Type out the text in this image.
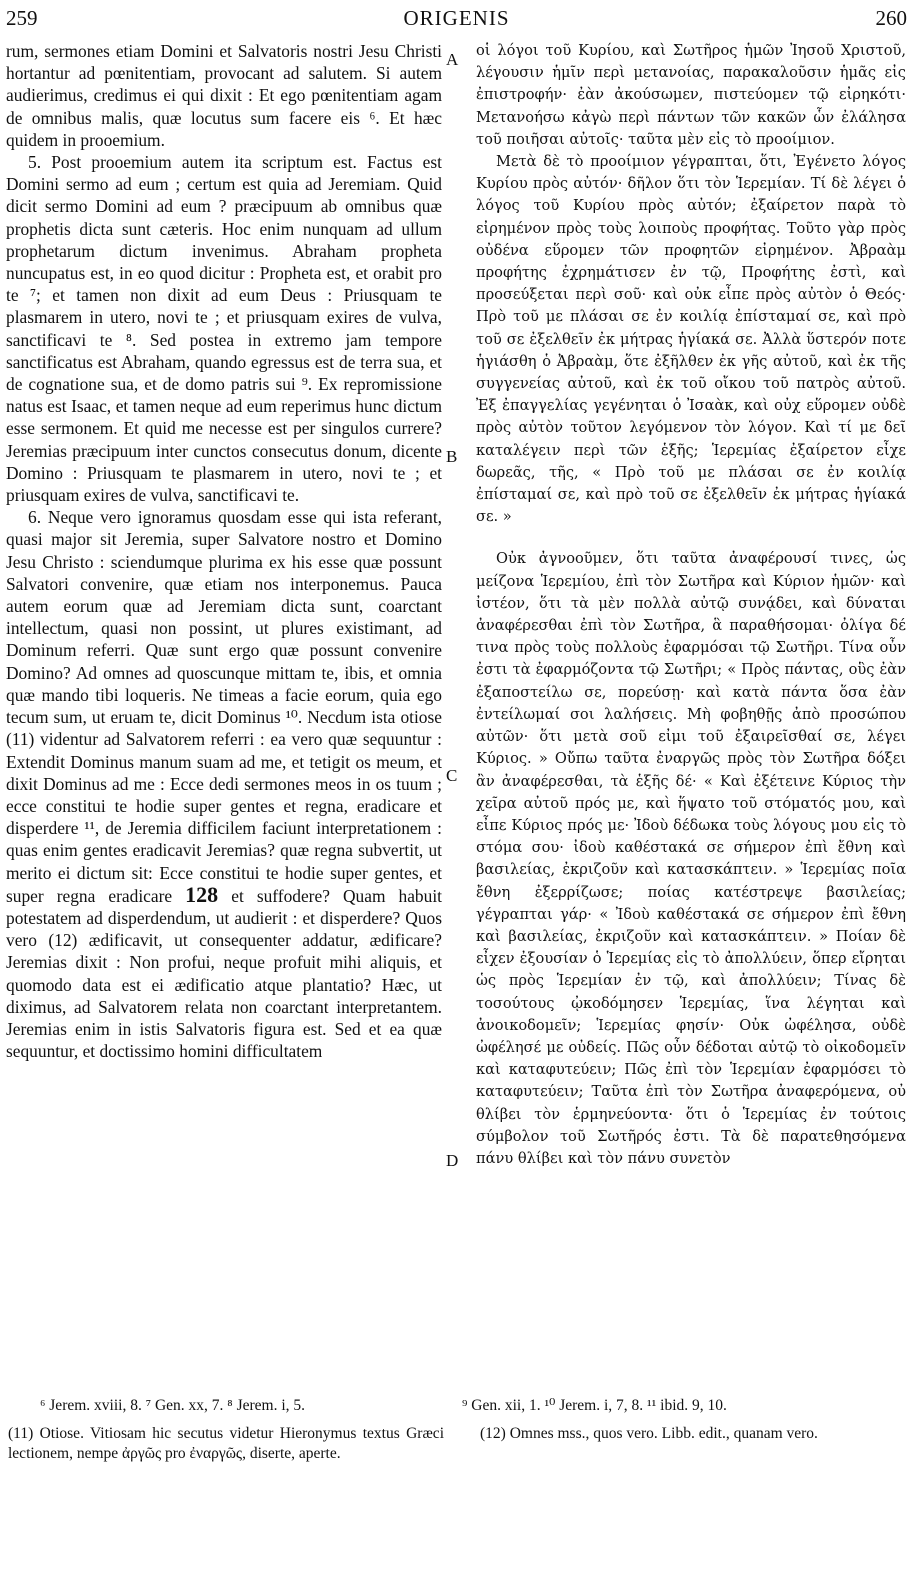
259	ORIGENIS	260

rum, sermones etiam Domini et Salvatoris nostri Jesu Christi hortantur ad pœnitentiam, provocant ad salutem. Si autem audierimus, credimus ei qui dixit : Et ego pœnitentiam agam de omnibus malis, quæ locutus sum facere eis ⁶. Et hæc quidem in prooemium.

5. Post prooemium autem ita scriptum est. Factus est Domini sermo ad eum ; certum est quia ad Jeremiam. Quid dicit sermo Domini ad eum ? præcipuum ab omnibus quæ prophetis dicta sunt cæteris. Hoc enim nunquam ad ullum prophetarum dictum invenimus. Abraham propheta nuncupatus est, in eo quod dicitur : Propheta est, et orabit pro te ⁷; et tamen non dixit ad eum Deus : Priusquam te plasmarem in utero, novi te ; et priusquam exires de vulva, sanctificavi te ⁸. Sed postea in extremo jam tempore sanctificatus est Abraham, quando egressus est de terra sua, et de cognatione sua, et de domo patris sui ⁹. Ex repromissione natus est Isaac, et tamen neque ad eum reperimus hunc dictum esse sermonem. Et quid me necesse est per singulos currere? Jeremias præcipuum inter cunctos consecutus donum, dicente Domino : Priusquam te plasmarem in utero, novi te ; et priusquam exires de vulva, sanctificavi te.

6. Neque vero ignoramus quosdam esse qui ista referant, quasi major sit Jeremia, super Salvatore nostro et Domino Jesu Christo : sciendumque plurima ex his esse quæ possunt Salvatori convenire, quæ etiam nos interponemus. Pauca autem eorum quæ ad Jeremiam dicta sunt, coarctant intellectum, quasi non possint, ut plures existimant, ad Dominum referri. Quæ sunt ergo quæ possunt convenire Domino? Ad omnes ad quoscunque mittam te, ibis, et omnia quæ mando tibi loqueris. Ne timeas a facie eorum, quia ego tecum sum, ut eruam te, dicit Dominus ¹⁰. Necdum ista otiose (11) videntur ad Salvatorem referri : ea vero quæ sequuntur : Extendit Dominus manum suam ad me, et tetigit os meum, et dixit Dominus ad me : Ecce dedi sermones meos in os tuum ; ecce constitui te hodie super gentes et regna, eradicare et disperdere ¹¹, de Jeremia difficilem faciunt interpretationem : quas enim gentes eradicavit Jeremias? quæ regna subvertit, ut merito ei dictum sit: Ecce constitui te hodie super gentes, et super regna eradicare 128 et suffodere? Quam habuit potestatem ad disperdendum, ut audierit : et disperdere? Quos vero (12) ædificavit, ut consequenter addatur, ædificare? Jeremias dixit : Non profui, neque profuit mihi aliquis, et quomodo data est ei ædificatio atque plantatio? Hæc, ut diximus, ad Salvatorem relata non coarctant interpretantem. Jeremias enim in istis Salvatoris figura est. Sed et ea quæ sequuntur, et doctissimo homini difficultatem

οἱ λόγοι τοῦ Κυρίου, καὶ Σωτῆρος ἡμῶν Ἰησοῦ Χριστοῦ, λέγουσιν ἡμῖν περὶ μετανοίας, παρακαλοῦσιν ἡμᾶς εἰς ἐπιστροφήν· ἐὰν ἀκούσωμεν, πιστεύομεν τῷ εἰρηκότι· Μετανοήσω κἀγὼ περὶ πάντων τῶν κακῶν ὧν ἐλάλησα τοῦ ποιῆσαι αὐτοῖς· ταῦτα μὲν εἰς τὸ προοίμιον.

Μετὰ δὲ τὸ προοίμιον γέγραπται, ὅτι, Ἐγένετο λόγος Κυρίου πρὸς αὐτόν· δῆλον ὅτι τὸν Ἱερεμίαν. Τί δὲ λέγει ὁ λόγος τοῦ Κυρίου πρὸς αὐτόν; ἐξαίρετον παρὰ τὸ εἰρημένον πρὸς τοὺς λοιποὺς προφήτας. Τοῦτο γὰρ πρὸς οὐδένα εὕρομεν τῶν προφητῶν εἰρημένον. Ἀβραὰμ προφήτης ἐχρημάτισεν ἐν τῷ, Προφήτης ἐστὶ, καὶ προσεύξεται περὶ σοῦ· καὶ οὐκ εἶπε πρὸς αὐτὸν ὁ Θεός· Πρὸ τοῦ με πλάσαι σε ἐν κοιλίᾳ ἐπίσταμαί σε, καὶ πρὸ τοῦ σε ἐξελθεῖν ἐκ μήτρας ἡγίακά σε. Ἀλλὰ ὕστερόν ποτε ἡγιάσθη ὁ Ἀβραὰμ, ὅτε ἐξῆλθεν ἐκ γῆς αὐτοῦ, καὶ ἐκ τῆς συγγενείας αὐτοῦ, καὶ ἐκ τοῦ οἴκου τοῦ πατρὸς αὐτοῦ. Ἐξ ἐπαγγελίας γεγένηται ὁ Ἰσαὰκ, καὶ οὐχ εὕρομεν οὐδὲ πρὸς αὐτὸν τοῦτον λεγόμενον τὸν λόγον. Καὶ τί με δεῖ καταλέγειν περὶ τῶν ἑξῆς; Ἱερεμίας ἐξαίρετον εἶχε δωρεᾶς, τῆς, « Πρὸ τοῦ με πλάσαι σε ἐν κοιλίᾳ ἐπίσταμαί σε, καὶ πρὸ τοῦ σε ἐξελθεῖν ἐκ μήτρας ἡγίακά σε. »

Οὐκ ἀγνοοῦμεν, ὅτι ταῦτα ἀναφέρουσί τινες, ὡς μείζονα Ἱερεμίου, ἐπὶ τὸν Σωτῆρα καὶ Κύριον ἡμῶν· καὶ ἰστέον, ὅτι τὰ μὲν πολλὰ αὐτῷ συνᾴδει, καὶ δύναται ἀναφέρεσθαι ἐπὶ τὸν Σωτῆρα, ἃ παραθήσομαι· ὀλίγα δέ τινα πρὸς τοὺς πολλοὺς ἐφαρμόσαι τῷ Σωτῆρι. Τίνα οὖν ἐστι τὰ ἐφαρμόζοντα τῷ Σωτῆρι; « Πρὸς πάντας, οὓς ἐὰν ἐξαποστείλω σε, πορεύσῃ· καὶ κατὰ πάντα ὅσα ἐὰν ἐντείλωμαί σοι λαλήσεις. Μὴ φοβηθῇς ἀπὸ προσώπου αὐτῶν· ὅτι μετὰ σοῦ εἰμι τοῦ ἐξαιρεῖσθαί σε, λέγει Κύριος. » Οὔπω ταῦτα ἐναργῶς πρὸς τὸν Σωτῆρα δόξει ἂν ἀναφέρεσθαι, τὰ ἑξῆς δέ· « Καὶ ἐξέτεινε Κύριος τὴν χεῖρα αὐτοῦ πρός με, καὶ ἥψατο τοῦ στόματός μου, καὶ εἶπε Κύριος πρός με· Ἰδοὺ δέδωκα τοὺς λόγους μου εἰς τὸ στόμα σου· ἰδοὺ καθέστακά σε σήμερον ἐπὶ ἔθνη καὶ βασιλείας, ἐκριζοῦν καὶ κατασκάπτειν. » Ἱερεμίας ποῖα ἔθνη ἐξερρίζωσε; ποίας κατέστρεψε βασιλείας; γέγραπται γάρ· « Ἰδοὺ καθέστακά σε σήμερον ἐπὶ ἔθνη καὶ βασιλείας, ἐκριζοῦν καὶ κατασκάπτειν. » Ποίαν δὲ εἶχεν ἐξουσίαν ὁ Ἱερεμίας εἰς τὸ ἀπολλύειν, ὅπερ εἴρηται ὡς πρὸς Ἱερεμίαν ἐν τῷ, καὶ ἀπολλύειν; Τίνας δὲ τοσούτους ᾠκοδόμησεν Ἱερεμίας, ἵνα λέγηται καὶ ἀνοικοδομεῖν; Ἱερεμίας φησίν· Οὐκ ὠφέλησα, οὐδὲ ὠφέλησέ με οὐδείς. Πῶς οὖν δέδοται αὐτῷ τὸ οἰκοδομεῖν καὶ καταφυτεύειν; Πῶς ἐπὶ τὸν Ἱερεμίαν ἐφαρμόσει τὸ καταφυτεύειν; Ταῦτα ἐπὶ τὸν Σωτῆρα ἀναφερόμενα, οὐ θλίβει τὸν ἑρμηνεύοντα· ὅτι ὁ Ἱερεμίας ἐν τούτοις σύμβολον τοῦ Σωτῆρός ἐστι. Τὰ δὲ παρατεθησόμενα πάνυ θλίβει καὶ τὸν πάνυ συνετὸν

A
B
C
D
⁶ Jerem. xviii, 8. ⁷ Gen. xx, 7. ⁸ Jerem. i, 5.	⁹ Gen. xii, 1. ¹⁰ Jerem. i, 7, 8. ¹¹ ibid. 9, 10.
(11) Otiose. Vitiosam hic secutus videtur Hieronymus textus Græci lectionem, nempe ἀργῶς pro ἐναργῶς, diserte, aperte.
(12) Omnes mss., quos vero. Libb. edit., quanam vero.
